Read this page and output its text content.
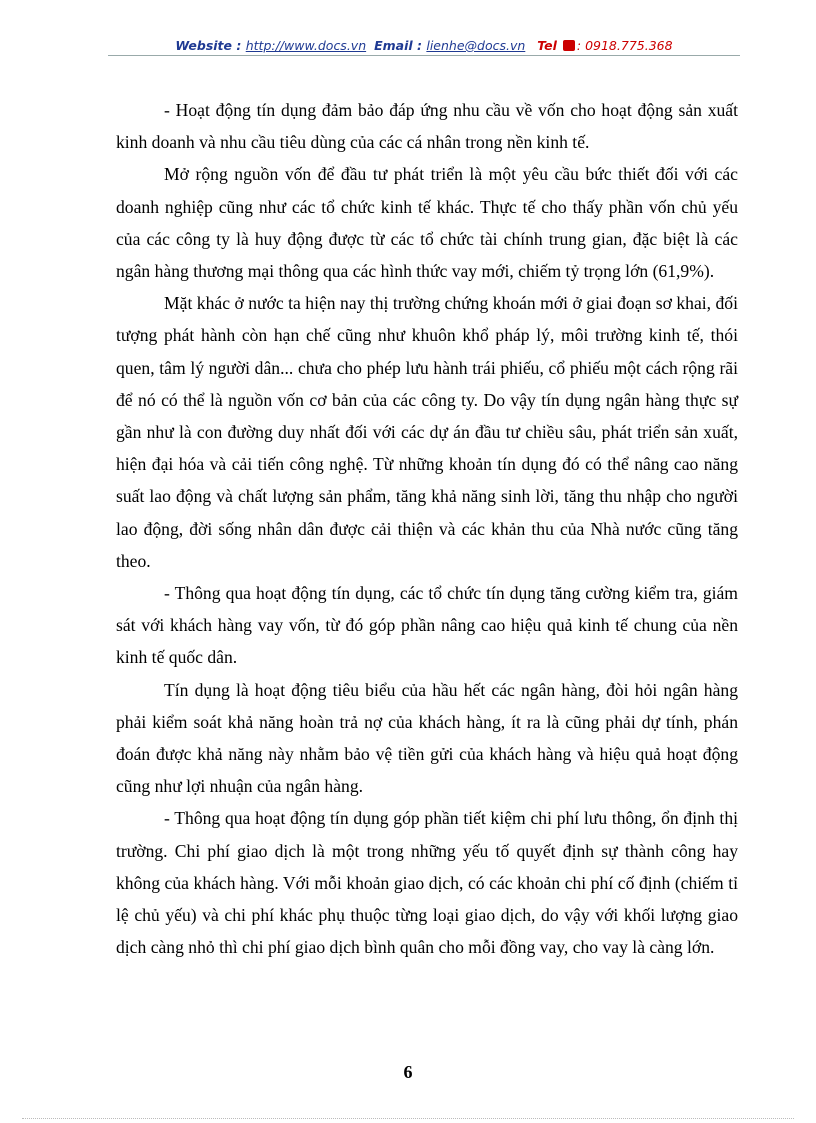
Website : http://www.docs.vn Email : lienhe@docs.vn Tel : 0918.775.368

- Hoạt động tín dụng đảm bảo đáp ứng nhu cầu về vốn cho hoạt động sản xuất kinh doanh và nhu cầu tiêu dùng của các cá nhân trong nền kinh tế.

Mở rộng nguồn vốn để đầu tư phát triển là một yêu cầu bức thiết đối với các doanh nghiệp cũng như các tổ chức kinh tế khác. Thực tế cho thấy phần vốn chủ yếu của các công ty là huy động được từ các tổ chức tài chính trung gian, đặc biệt là các ngân hàng thương mại thông qua các hình thức vay mới, chiếm tỷ trọng lớn (61,9%).

Mặt khác ở nước ta hiện nay thị trường chứng khoán mới ở giai đoạn sơ khai, đối tượng phát hành còn hạn chế cũng như khuôn khổ pháp lý, môi trường kinh tế, thói quen, tâm lý người dân... chưa cho phép lưu hành trái phiếu, cổ phiếu một cách rộng rãi để nó có thể là nguồn vốn cơ bản của các công ty. Do vậy tín dụng ngân hàng thực sự gần như là con đường duy nhất đối với các dự án đầu tư chiều sâu, phát triển sản xuất, hiện đại hóa và cải tiến công nghệ. Từ những khoản tín dụng đó có thể nâng cao năng suất lao động và chất lượng sản phẩm, tăng khả năng sinh lời, tăng thu nhập cho người lao động, đời sống nhân dân được cải thiện và các khản thu của Nhà nước cũng tăng theo.

- Thông qua hoạt động tín dụng, các tổ chức tín dụng tăng cường kiểm tra, giám sát với khách hàng vay vốn, từ đó góp phần nâng cao hiệu quả kinh tế chung của nền kinh tế quốc dân.

Tín dụng là hoạt động tiêu biểu của hầu hết các ngân hàng, đòi hỏi ngân hàng phải kiểm soát khả năng hoàn trả nợ của khách hàng, ít ra là cũng phải dự tính, phán đoán được khả năng này nhằm bảo vệ tiền gửi của khách hàng và hiệu quả hoạt động cũng như lợi nhuận của ngân hàng.

- Thông qua hoạt động tín dụng góp phần tiết kiệm chi phí lưu thông, ổn định thị trường. Chi phí giao dịch là một trong những yếu tố quyết định sự thành công hay không của khách hàng. Với mỗi khoản giao dịch, có các khoản chi phí cố định (chiếm tỉ lệ chủ yếu) và chi phí khác phụ thuộc từng loại giao dịch, do vậy với khối lượng giao dịch càng nhỏ thì chi phí giao dịch bình quân cho mỗi đồng vay, cho vay là càng lớn.

6
